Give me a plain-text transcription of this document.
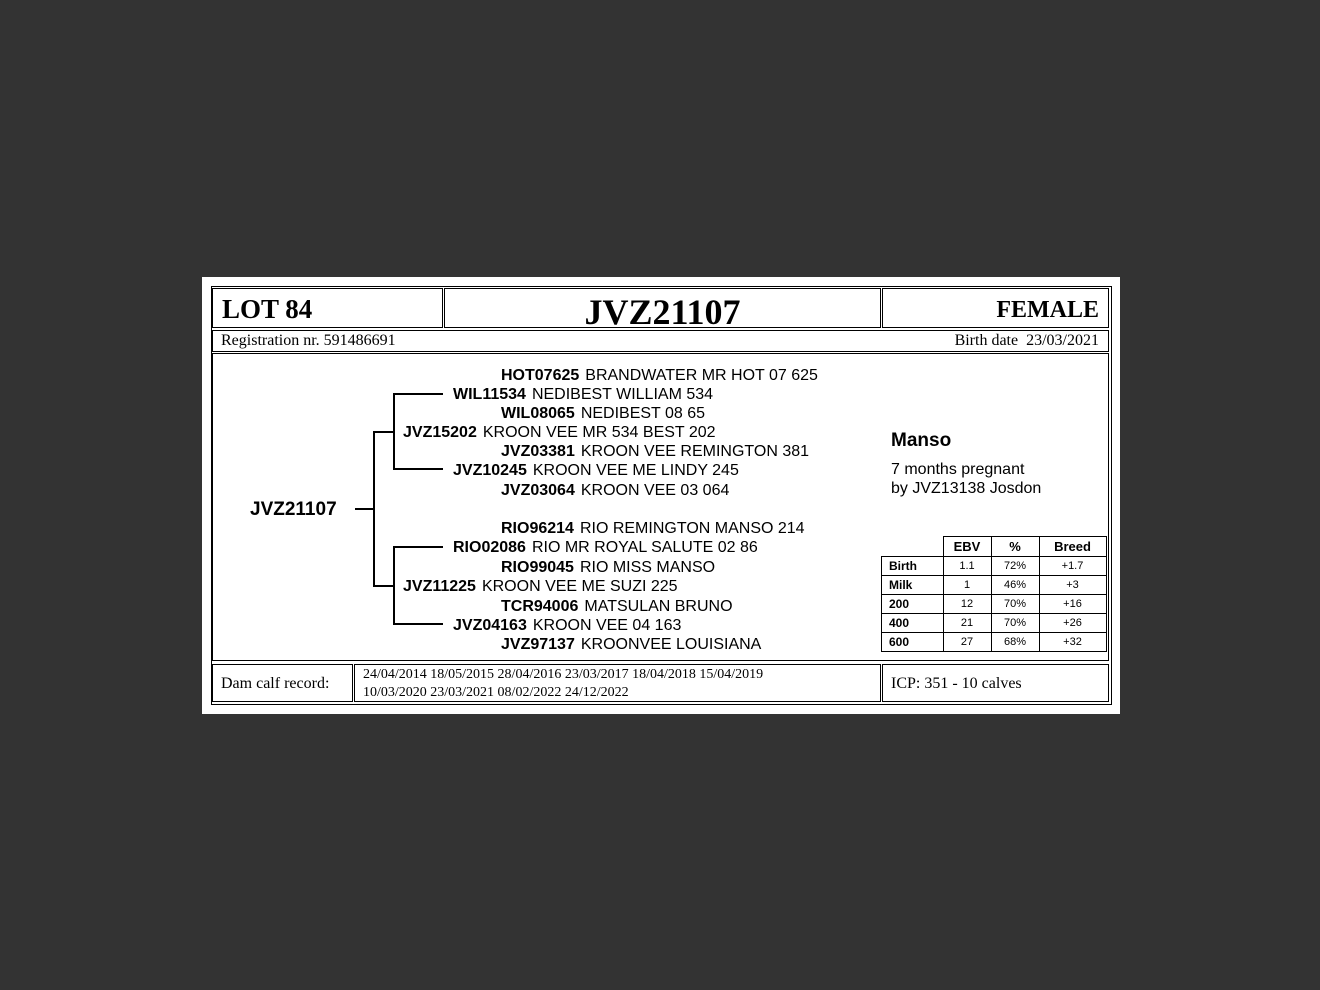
LOT 84	JVZ21107	FEMALE
Registration nr. 591486691	Birth date 23/03/2021
JVZ21107
HOT07625 BRANDWATER MR HOT 07 625
WIL11534 NEDIBEST WILLIAM 534
WIL08065 NEDIBEST 08 65
JVZ15202 KROON VEE MR 534 BEST 202
JVZ03381 KROON VEE REMINGTON 381
JVZ10245 KROON VEE ME LINDY 245
JVZ03064 KROON VEE 03 064
RIO96214 RIO REMINGTON MANSO 214
RIO02086 RIO MR ROYAL SALUTE 02 86
RIO99045 RIO MISS MANSO
JVZ11225 KROON VEE ME SUZI 225
TCR94006 MATSULAN BRUNO
JVZ04163 KROON VEE 04 163
JVZ97137 KROONVEE LOUISIANA
Manso
7 months pregnant
by JVZ13138 Josdon
	EBV	%	Breed
Birth	1.1	72%	+1.7
Milk	1	46%	+3
200	12	70%	+16
400	21	70%	+26
600	27	68%	+32
Dam calf record:
24/04/2014 18/05/2015 28/04/2016 23/03/2017 18/04/2018 15/04/2019
10/03/2020 23/03/2021 08/02/2022 24/12/2022
ICP: 351 - 10 calves
